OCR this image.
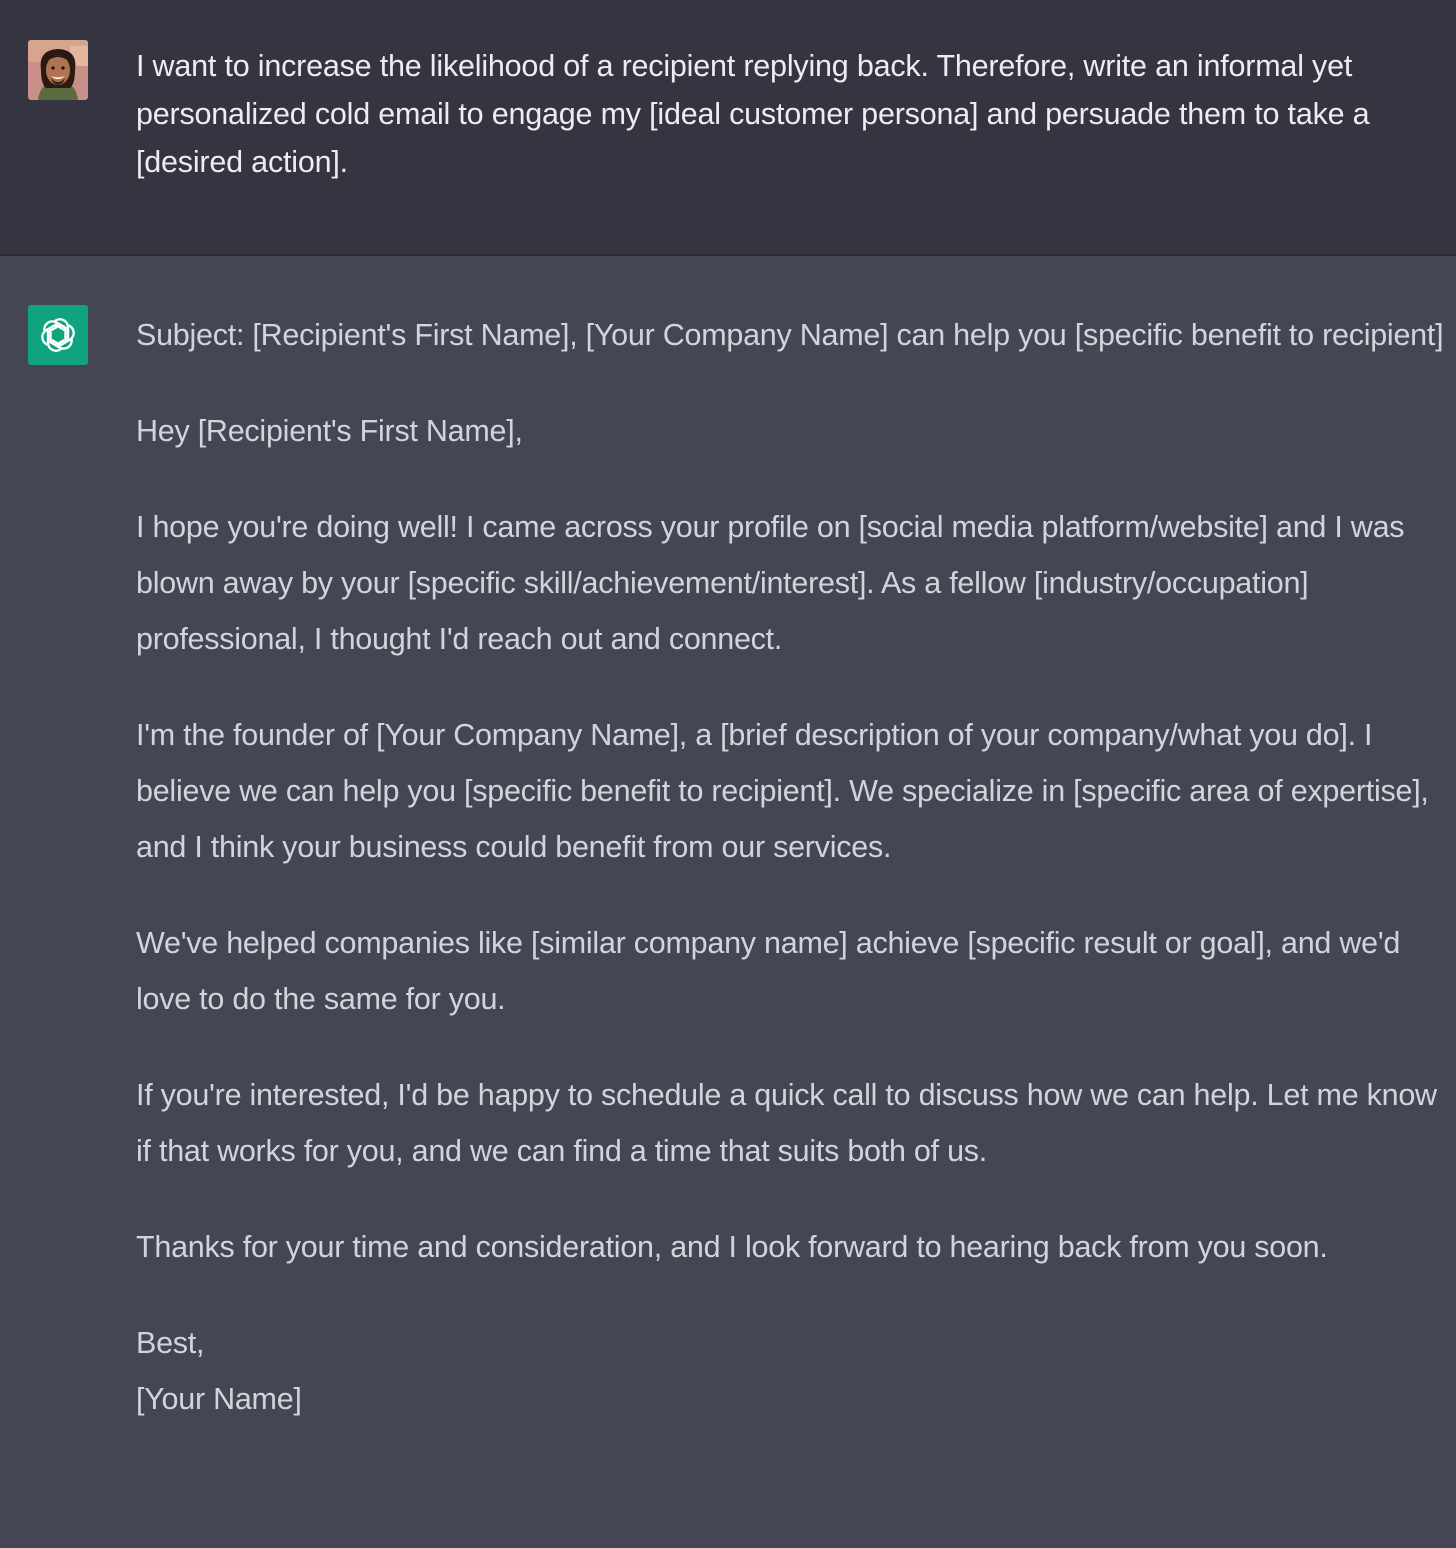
I want to increase the likelihood of a recipient replying back. Therefore, write an informal yet personalized cold email to engage my [ideal customer persona] and persuade them to take a [desired action].

Subject: [Recipient's First Name], [Your Company Name] can help you [specific benefit to recipient]

Hey [Recipient's First Name],

I hope you're doing well! I came across your profile on [social media platform/website] and I was blown away by your [specific skill/achievement/interest]. As a fellow [industry/occupation] professional, I thought I'd reach out and connect.

I'm the founder of [Your Company Name], a [brief description of your company/what you do]. I believe we can help you [specific benefit to recipient]. We specialize in [specific area of expertise], and I think your business could benefit from our services.

We've helped companies like [similar company name] achieve [specific result or goal], and we'd love to do the same for you.

If you're interested, I'd be happy to schedule a quick call to discuss how we can help. Let me know if that works for you, and we can find a time that suits both of us.

Thanks for your time and consideration, and I look forward to hearing back from you soon.

Best,
[Your Name]
